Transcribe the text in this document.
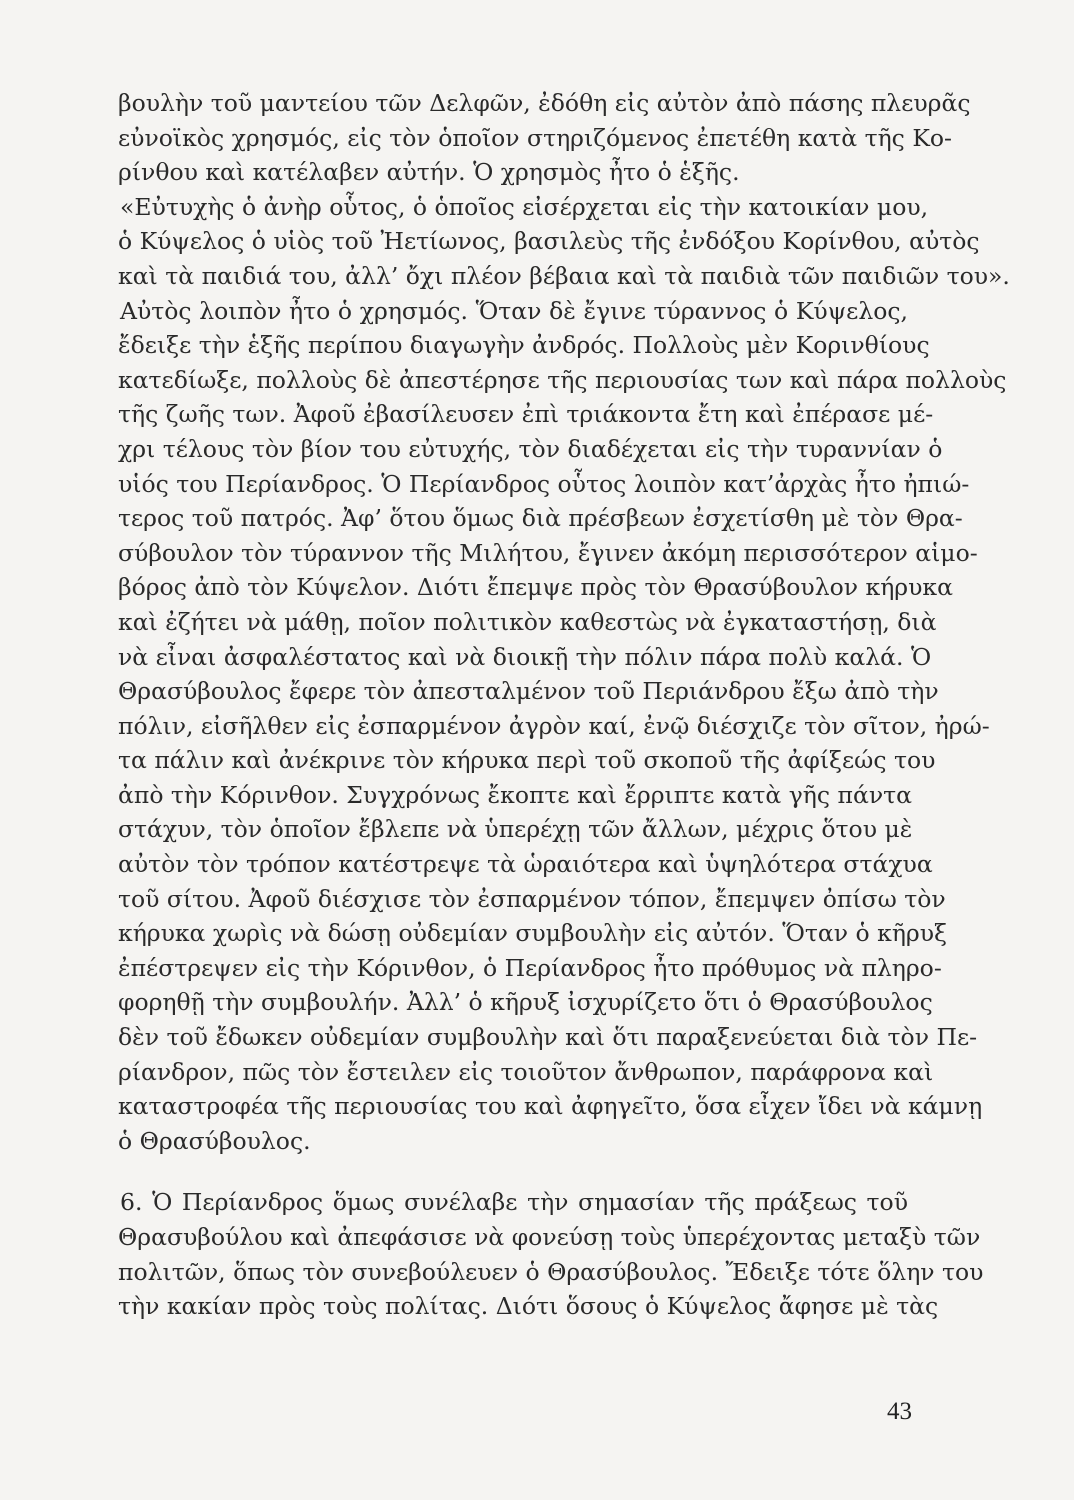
βουλὴν τοῦ μαντείου τῶν Δελφῶν, ἐδόθη εἰς αὐτὸν ἀπὸ πάσης πλευρᾶς
εὐνοϊκὸς χρησμός, εἰς τὸν ὁποῖον στηριζόμενος ἐπετέθη κατὰ τῆς Κο-
ρίνθου καὶ κατέλαβεν αὐτήν. Ὁ χρησμὸς ἦτο ὁ ἑξῆς.
«Εὐτυχὴς ὁ ἀνὴρ οὗτος, ὁ ὁποῖος εἰσέρχεται εἰς τὴν κατοικίαν μου,
ὁ Κύψελος ὁ υἱὸς τοῦ Ἠετίωνος, βασιλεὺς τῆς ἐνδόξου Κορίνθου, αὐτὸς
καὶ τὰ παιδιά του, ἀλλ’ ὄχι πλέον βέβαια καὶ τὰ παιδιὰ τῶν παιδιῶν του».
Αὐτὸς λοιπὸν ἦτο ὁ χρησμός. Ὅταν δὲ ἔγινε τύραννος ὁ Κύψελος,
ἔδειξε τὴν ἑξῆς περίπου διαγωγὴν ἀνδρός. Πολλοὺς μὲν Κορινθίους
κατεδίωξε, πολλοὺς δὲ ἀπεστέρησε τῆς περιουσίας των καὶ πάρα πολλοὺς
τῆς ζωῆς των. Ἀφοῦ ἐβασίλευσεν ἐπὶ τριάκοντα ἔτη καὶ ἐπέρασε μέ-
χρι τέλους τὸν βίον του εὐτυχής, τὸν διαδέχεται εἰς τὴν τυραννίαν ὁ
υἱός του Περίανδρος. Ὁ Περίανδρος οὗτος λοιπὸν κατ’ἀρχὰς ἦτο ἠπιώ-
τερος τοῦ πατρός. Ἀφ’ ὅτου ὅμως διὰ πρέσβεων ἐσχετίσθη μὲ τὸν Θρα-
σύβουλον τὸν τύραννον τῆς Μιλήτου, ἔγινεν ἀκόμη περισσότερον αἱμο-
βόρος ἀπὸ τὸν Κύψελον. Διότι ἔπεμψε πρὸς τὸν Θρασύβουλον κήρυκα
καὶ ἐζήτει νὰ μάθῃ, ποῖον πολιτικὸν καθεστὼς νὰ ἐγκαταστήσῃ, διὰ
νὰ εἶναι ἀσφαλέστατος καὶ νὰ διοικῇ τὴν πόλιν πάρα πολὺ καλά. Ὁ
Θρασύβουλος ἔφερε τὸν ἀπεσταλμένον τοῦ Περιάνδρου ἔξω ἀπὸ τὴν
πόλιν, εἰσῆλθεν εἰς ἐσπαρμένον ἀγρὸν καί, ἐνῷ διέσχιζε τὸν σῖτον, ἠρώ-
τα πάλιν καὶ ἀνέκρινε τὸν κήρυκα περὶ τοῦ σκοποῦ τῆς ἀφίξεώς του
ἀπὸ τὴν Κόρινθον. Συγχρόνως ἔκοπτε καὶ ἔρριπτε κατὰ γῆς πάντα
στάχυν, τὸν ὁποῖον ἔβλεπε νὰ ὑπερέχῃ τῶν ἄλλων, μέχρις ὅτου μὲ
αὐτὸν τὸν τρόπον κατέστρεψε τὰ ὡραιότερα καὶ ὑψηλότερα στάχυα
τοῦ σίτου. Ἀφοῦ διέσχισε τὸν ἐσπαρμένον τόπον, ἔπεμψεν ὀπίσω τὸν
κήρυκα χωρὶς νὰ δώσῃ οὐδεμίαν συμβουλὴν εἰς αὐτόν. Ὅταν ὁ κῆρυξ
ἐπέστρεψεν εἰς τὴν Κόρινθον, ὁ Περίανδρος ἦτο πρόθυμος νὰ πληρο-
φορηθῇ τὴν συμβουλήν. Ἀλλ’ ὁ κῆρυξ ἰσχυρίζετο ὅτι ὁ Θρασύβουλος
δὲν τοῦ ἔδωκεν οὐδεμίαν συμβουλὴν καὶ ὅτι παραξενεύεται διὰ τὸν Πε-
ρίανδρον, πῶς τὸν ἔστειλεν εἰς τοιοῦτον ἄνθρωπον, παράφρονα καὶ
καταστροφέα τῆς περιουσίας του καὶ ἀφηγεῖτο, ὅσα εἶχεν ἴδει νὰ κάμνῃ
ὁ Θρασύβουλος.
6. Ὁ Περίανδρος ὅμως συνέλαβε τὴν σημασίαν τῆς πράξεως τοῦ
Θρασυβούλου καὶ ἀπεφάσισε νὰ φονεύσῃ τοὺς ὑπερέχοντας μεταξὺ τῶν
πολιτῶν, ὅπως τὸν συνεβούλευεν ὁ Θρασύβουλος. Ἔδειξε τότε ὅλην του
τὴν κακίαν πρὸς τοὺς πολίτας. Διότι ὅσους ὁ Κύψελος ἄφησε μὲ τὰς
43
